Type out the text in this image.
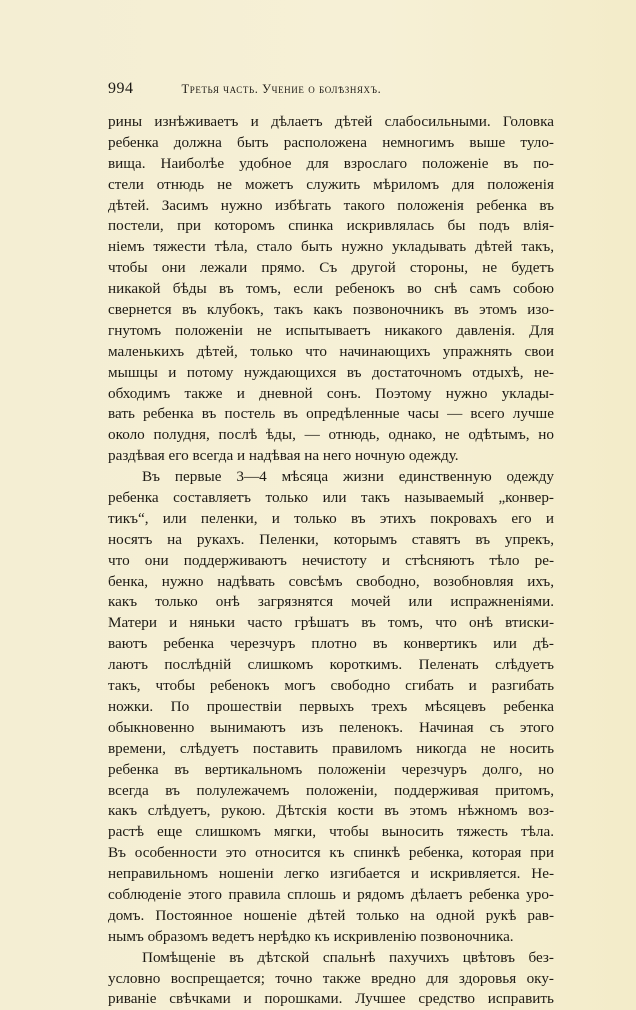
994	Третья часть. Учение о болѣзняхъ.
рины изнѣживаетъ и дѣлаетъ дѣтей слабосильными. Головка
ребенка должна быть расположена немногимъ выше туло-
вища. Наиболѣе удобное для взрослаго положеніе въ по-
стели отнюдь не можетъ служить мѣриломъ для положенія
дѣтей. Засимъ нужно избѣгать такого положенія ребенка въ
постели, при которомъ спинка искривлялась бы подъ влія-
ніемъ тяжести тѣла, стало быть нужно укладывать дѣтей такъ,
чтобы они лежали прямо. Съ другой стороны, не будетъ
никакой бѣды въ томъ, если ребенокъ во снѣ самъ собою
свернется въ клубокъ, такъ какъ позвоночникъ въ этомъ изо-
гнутомъ положеніи не испытываетъ никакого давленія. Для
маленькихъ дѣтей, только что начинающихъ упражнять свои
мышцы и потому нуждающихся въ достаточномъ отдыхѣ, не-
обходимъ также и дневной сонъ. Поэтому нужно уклады-
вать ребенка въ постель въ опредѣленные часы — всего лучше
около полудня, послѣ ѣды, — отнюдь, однако, не одѣтымъ, но
раздѣвая его всегда и надѣвая на него ночную одежду.
Въ первые 3—4 мѣсяца жизни единственную одежду
ребенка составляетъ только или такъ называемый „конвер-
тикъ“, или пеленки, и только въ этихъ покровахъ его и
носятъ на рукахъ. Пеленки, которымъ ставятъ въ упрекъ,
что они поддерживаютъ нечистоту и стѣсняютъ тѣло ре-
бенка, нужно надѣвать совсѣмъ свободно, возобновляя ихъ,
какъ только онѣ загрязнятся мочей или испражненіями.
Матери и няньки часто грѣшатъ въ томъ, что онѣ втиски-
ваютъ ребенка черезчуръ плотно въ конвертикъ или дѣ-
лаютъ послѣдній слишкомъ короткимъ. Пеленать слѣдуетъ
такъ, чтобы ребенокъ могъ свободно сгибать и разгибать
ножки. По прошествіи первыхъ трехъ мѣсяцевъ ребенка
обыкновенно вынимаютъ изъ пеленокъ. Начиная съ этого
времени, слѣдуетъ поставить правиломъ никогда не носить
ребенка въ вертикальномъ положеніи черезчуръ долго, но
всегда въ полулежачемъ положеніи, поддерживая притомъ,
какъ слѣдуетъ, рукою. Дѣтскія кости въ этомъ нѣжномъ воз-
растѣ еще слишкомъ мягки, чтобы выносить тяжесть тѣла.
Въ особенности это относится къ спинкѣ ребенка, которая при
неправильномъ ношеніи легко изгибается и искривляется. Не-
соблюденіе этого правила сплошь и рядомъ дѣлаетъ ребенка уро-
домъ. Постоянное ношеніе дѣтей только на одной рукѣ рав-
нымъ образомъ ведетъ нерѣдко къ искривленію позвоночника.
Помѣщеніе въ дѣтской спальнѣ пахучихъ цвѣтовъ без-
условно воспрещается; точно также вредно для здоровья оку-
риваніе свѣчками и порошками. Лучшее средство исправить
